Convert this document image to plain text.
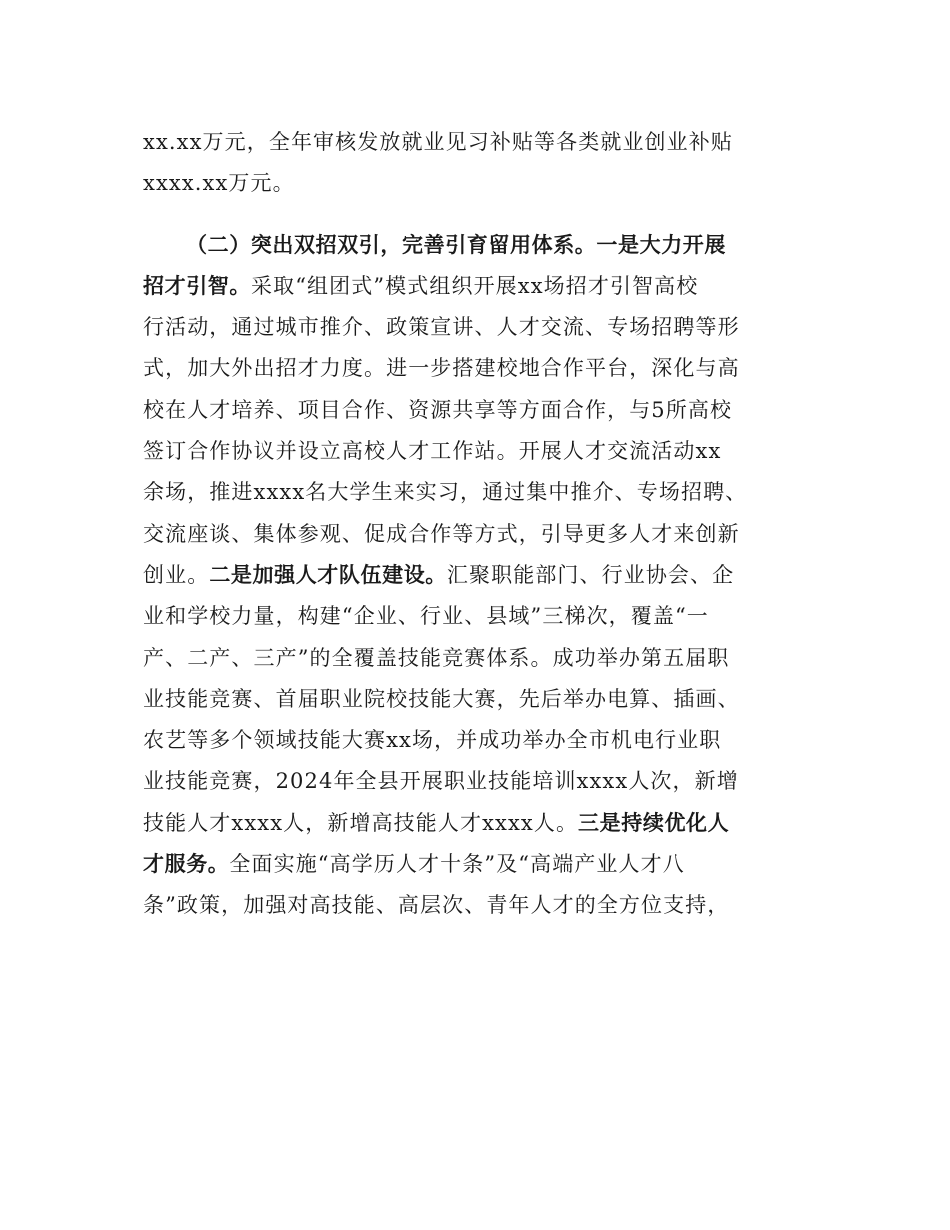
xx.xx万元，全年审核发放就业见习补贴等各类就业创业补贴
xxxx.xx万元。
（二）突出双招双引，完善引育留用体系。一是大力开展
招才引智。采取“组团式”模式组织开展xx场招才引智高校
行活动，通过城市推介、政策宣讲、人才交流、专场招聘等形
式，加大外出招才力度。进一步搭建校地合作平台，深化与高
校在人才培养、项目合作、资源共享等方面合作，与5所高校
签订合作协议并设立高校人才工作站。开展人才交流活动xx
余场，推进xxxx名大学生来实习，通过集中推介、专场招聘、
交流座谈、集体参观、促成合作等方式，引导更多人才来创新
创业。二是加强人才队伍建设。汇聚职能部门、行业协会、企
业和学校力量，构建“企业、行业、县域”三梯次，覆盖“一
产、二产、三产”的全覆盖技能竞赛体系。成功举办第五届职
业技能竞赛、首届职业院校技能大赛，先后举办电算、插画、
农艺等多个领域技能大赛xx场，并成功举办全市机电行业职
业技能竞赛，2024年全县开展职业技能培训xxxx人次，新增
技能人才xxxx人，新增高技能人才xxxx人。三是持续优化人
才服务。全面实施“高学历人才十条”及“高端产业人才八
条”政策，加强对高技能、高层次、青年人才的全方位支持，
